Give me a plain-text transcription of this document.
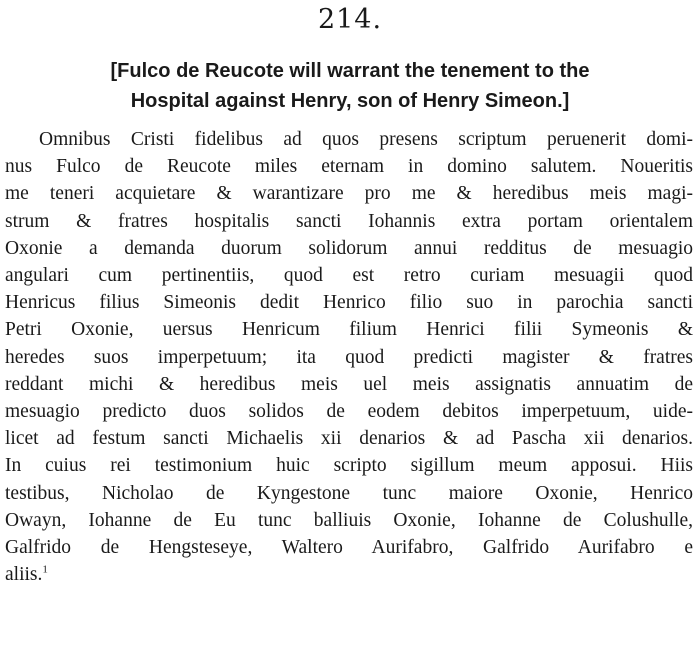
214.
[Fulco de Reucote will warrant the tenement to the
Hospital against Henry, son of Henry Simeon.]
Omnibus Cristi fidelibus ad quos presens scriptum peruenerit domi-
nus Fulco de Reucote miles eternam in domino salutem. Noueritis
me teneri acquietare & warantizare pro me & heredibus meis magi-
strum & fratres hospitalis sancti Iohannis extra portam orientalem
Oxonie a demanda duorum solidorum annui redditus de mesuagio
angulari cum pertinentiis, quod est retro curiam mesuagii quod
Henricus filius Simeonis dedit Henrico filio suo in parochia sancti
Petri Oxonie, uersus Henricum filium Henrici filii Symeonis &
heredes suos imperpetuum; ita quod predicti magister & fratres
reddant michi & heredibus meis uel meis assignatis annuatim de
mesuagio predicto duos solidos de eodem debitos imperpetuum, uide-
licet ad festum sancti Michaelis xii denarios & ad Pascha xii denarios.
In cuius rei testimonium huic scripto sigillum meum apposui. Hiis
testibus, Nicholao de Kyngestone tunc maiore Oxonie, Henrico
Owayn, Iohanne de Eu tunc balliuis Oxonie, Iohanne de Colushulle,
Galfrido de Hengsteseye, Waltero Aurifabro, Galfrido Aurifabro e
aliis.$^1$
